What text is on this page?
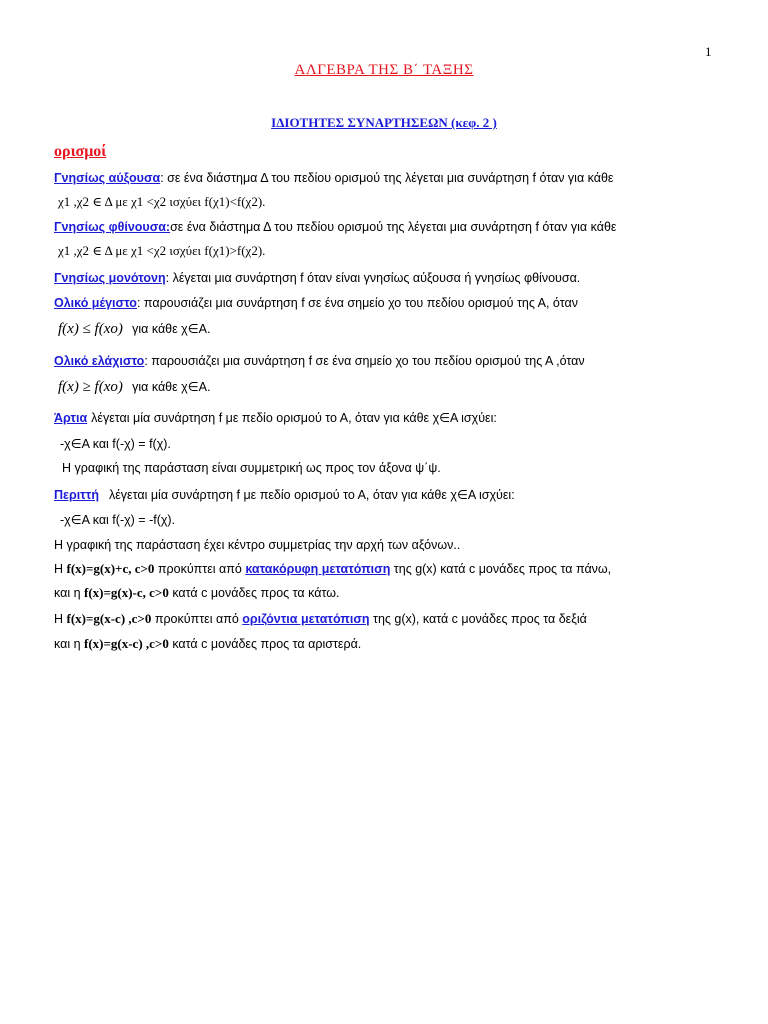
1
ΑΛΓΕΒΡΑ ΤΗΣ Β΄ ΤΑΞΗΣ
ΙΔΙΟΤΗΤΕΣ ΣΥΝΑΡΤΗΣΕΩΝ (κεφ. 2 )
ορισμοί
Γνησίως αύξουσα: σε ένα διάστημα Δ του πεδίου ορισμού της λέγεται μια συνάρτηση f όταν για κάθε
χ1 ,χ2 ∈ Δ με χ1 <χ2 ισχύει f(χ1)<f(χ2).
Γνησίως φθίνουσα:σε ένα διάστημα Δ του πεδίου ορισμού της λέγεται μια συνάρτηση f όταν για κάθε
χ1 ,χ2 ∈ Δ με χ1 <χ2 ισχύει f(χ1)>f(χ2).
Γνησίως μονότονη: λέγεται μια συνάρτηση f όταν είναι γνησίως αύξουσα ή γνησίως φθίνουσα.
Ολικό μέγιστο: παρουσιάζει μια συνάρτηση f σε ένα σημείο χο του πεδίου ορισμού της Α, όταν
f(x) ≤ f(xo) για κάθε χ∈Α.
Ολικό ελάχιστο: παρουσιάζει μια συνάρτηση f σε ένα σημείο χο του πεδίου ορισμού της Α ,όταν
f(x) ≥ f(xo) για κάθε χ∈Α.
Άρτια λέγεται μία συνάρτηση f με πεδίο ορισμού το Α, όταν για κάθε χ∈Α ισχύει:
-χ∈Α και f(-χ) = f(χ).
Η γραφική της παράσταση είναι συμμετρική ως προς τον άξονα ψ΄ψ.
Περιττή λέγεται μία συνάρτηση f με πεδίο ορισμού το Α, όταν για κάθε χ∈Α ισχύει:
-χ∈Α και f(-χ) = -f(χ).
Η γραφική της παράσταση έχει κέντρο συμμετρίας την αρχή των αξόνων..
Η f(x)=g(x)+c, c>0 προκύπτει από κατακόρυφη μετατόπιση της g(x) κατά c μονάδες προς τα πάνω,
και η f(x)=g(x)-c, c>0 κατά c μονάδες προς τα κάτω.
Η f(x)=g(x-c) ,c>0 προκύπτει από οριζόντια μετατόπιση της g(x), κατά c μονάδες προς τα δεξιά
και η f(x)=g(x-c) ,c>0 κατά c μονάδες προς τα αριστερά.
